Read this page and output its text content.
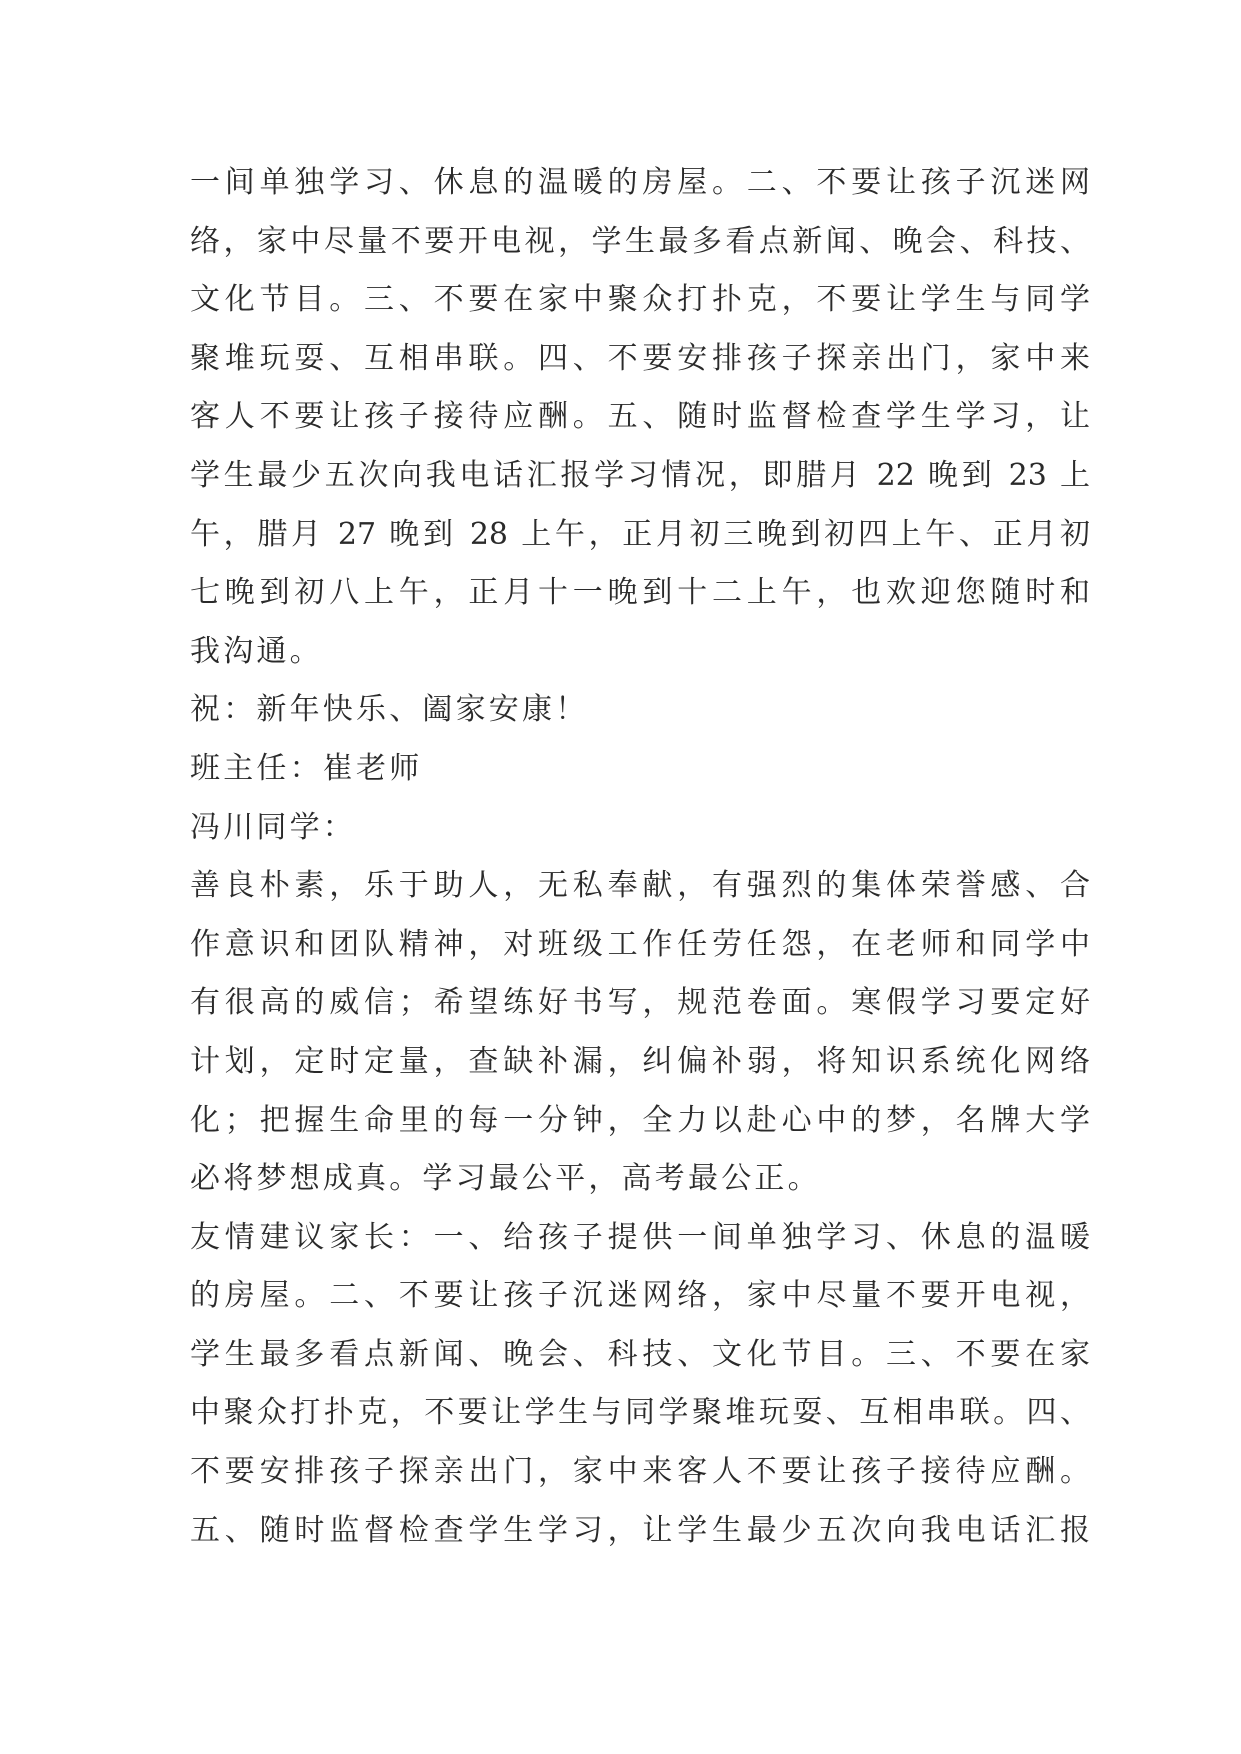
一间单独学习、休息的温暖的房屋。二、不要让孩子沉迷网
络，家中尽量不要开电视，学生最多看点新闻、晚会、科技、
文化节目。三、不要在家中聚众打扑克，不要让学生与同学
聚堆玩耍、互相串联。四、不要安排孩子探亲出门，家中来
客人不要让孩子接待应酬。五、随时监督检查学生学习，让
学生最少五次向我电话汇报学习情况，即腊月 22 晚到 23 上
午，腊月 27 晚到 28 上午，正月初三晚到初四上午、正月初
七晚到初八上午，正月十一晚到十二上午，也欢迎您随时和
我沟通。
祝：新年快乐、阖家安康！
班主任：崔老师
冯川同学：
善良朴素，乐于助人，无私奉献，有强烈的集体荣誉感、合
作意识和团队精神，对班级工作任劳任怨，在老师和同学中
有很高的威信；希望练好书写，规范卷面。寒假学习要定好
计划，定时定量，查缺补漏，纠偏补弱，将知识系统化网络
化；把握生命里的每一分钟，全力以赴心中的梦，名牌大学
必将梦想成真。学习最公平，高考最公正。
友情建议家长：一、给孩子提供一间单独学习、休息的温暖
的房屋。二、不要让孩子沉迷网络，家中尽量不要开电视，
学生最多看点新闻、晚会、科技、文化节目。三、不要在家
中聚众打扑克，不要让学生与同学聚堆玩耍、互相串联。四、
不要安排孩子探亲出门，家中来客人不要让孩子接待应酬。
五、随时监督检查学生学习，让学生最少五次向我电话汇报
